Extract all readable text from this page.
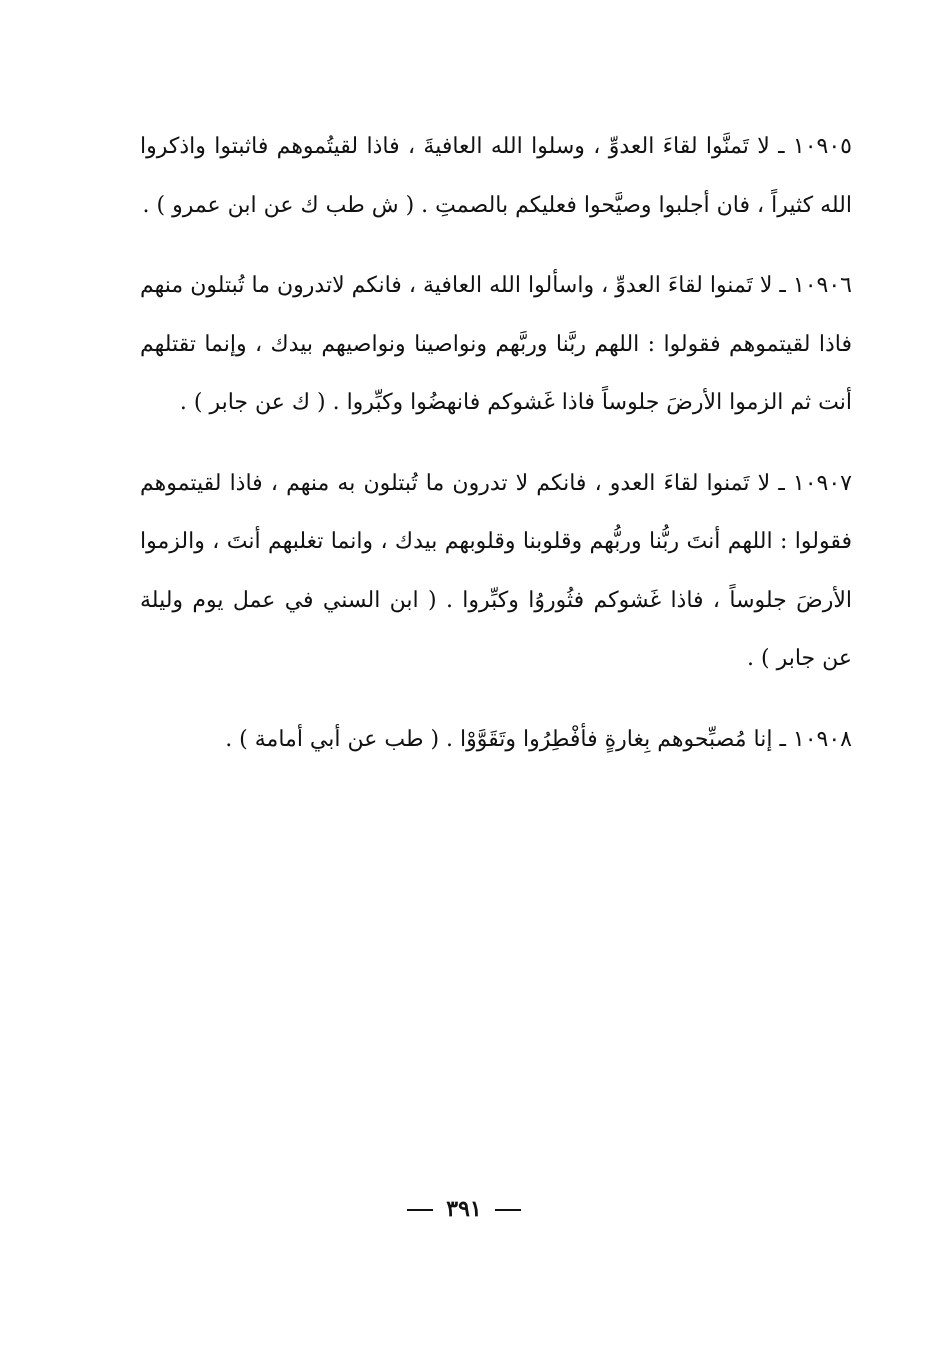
١٠٩٠٥ ـ لا تَمنَّوا لقاءَ العدوِّ ، وسلوا الله العافيةَ ، فاذا لقيتُموهم فاثبتوا واذكروا الله كثيراً ، فان أجلبوا وصيَّحوا فعليكم بالصمتِ . ( ش طب ك عن ابن عمرو ) .

١٠٩٠٦ ـ لا تَمنوا لقاءَ العدوِّ ، واسألوا الله العافية ، فانكم لاتدرون ما تُبتلون منهم فاذا لقيتموهم فقولوا : اللهم ربَّنا وربَّهم ونواصينا ونواصيهم بيدك ، وإنما تقتلهم أنت ثم الزموا الأرضَ جلوساً فاذا غَشوكم فانهضُوا وكبِّروا . ( ك عن جابر ) .

١٠٩٠٧ ـ لا تَمنوا لقاءَ العدو ، فانكم لا تدرون ما تُبتلون به منهم ، فاذا لقيتموهم فقولوا : اللهم أنتَ ربُّنا وربُّهم وقلوبنا وقلوبهم بيدك ، وانما تغلبهم أنتَ ، والزموا الأرضَ جلوساً ، فاذا غَشوكم فثُوروُا وكبِّروا . ( ابن السني في عمل يوم وليلة عن جابر ) .

١٠٩٠٨ ـ إنا مُصبِّحوهم بِغارةٍ فأفْطِرُوا وتَقَوَّوْا . ( طب عن أبي أمامة ) .

٣٩١
